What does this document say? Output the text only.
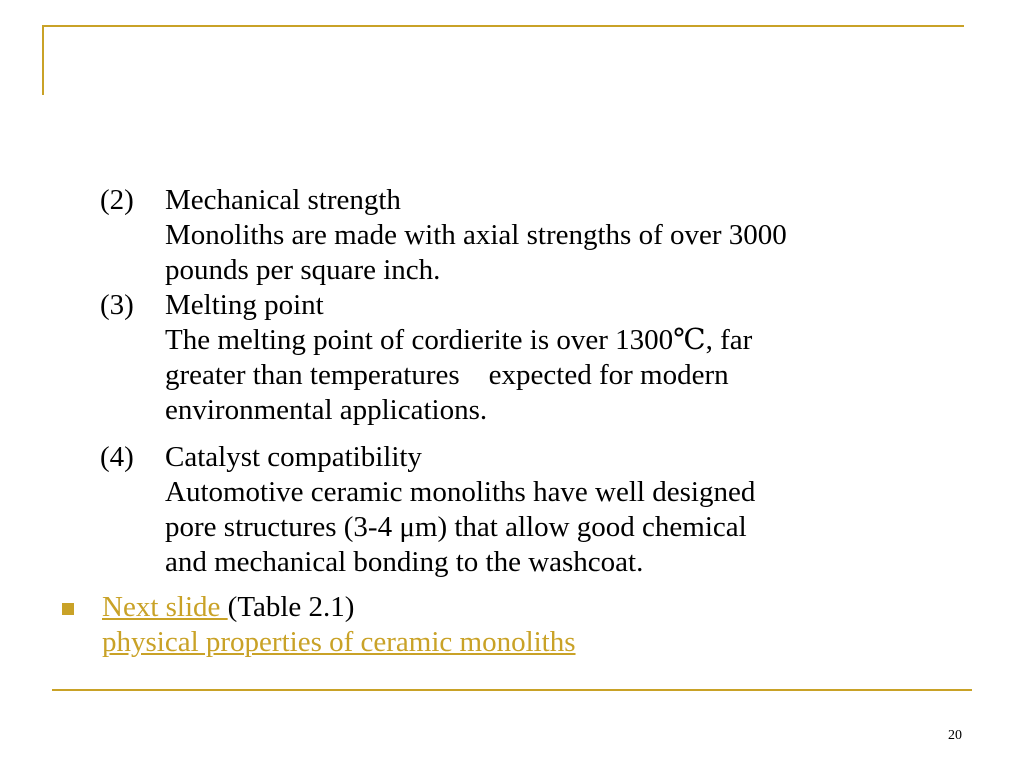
(2) Mechanical strength
Monoliths are made with axial strengths of over 3000
pounds per square inch.
(3) Melting point
The melting point of cordierite is over 1300℃, far
greater than temperatures    expected for modern
environmental applications.
(4) Catalyst compatibility
Automotive ceramic monoliths have well designed
pore structures (3-4 μm) that allow good chemical
and mechanical bonding to the washcoat.
Next slide (Table 2.1)
physical properties of ceramic monoliths
20
